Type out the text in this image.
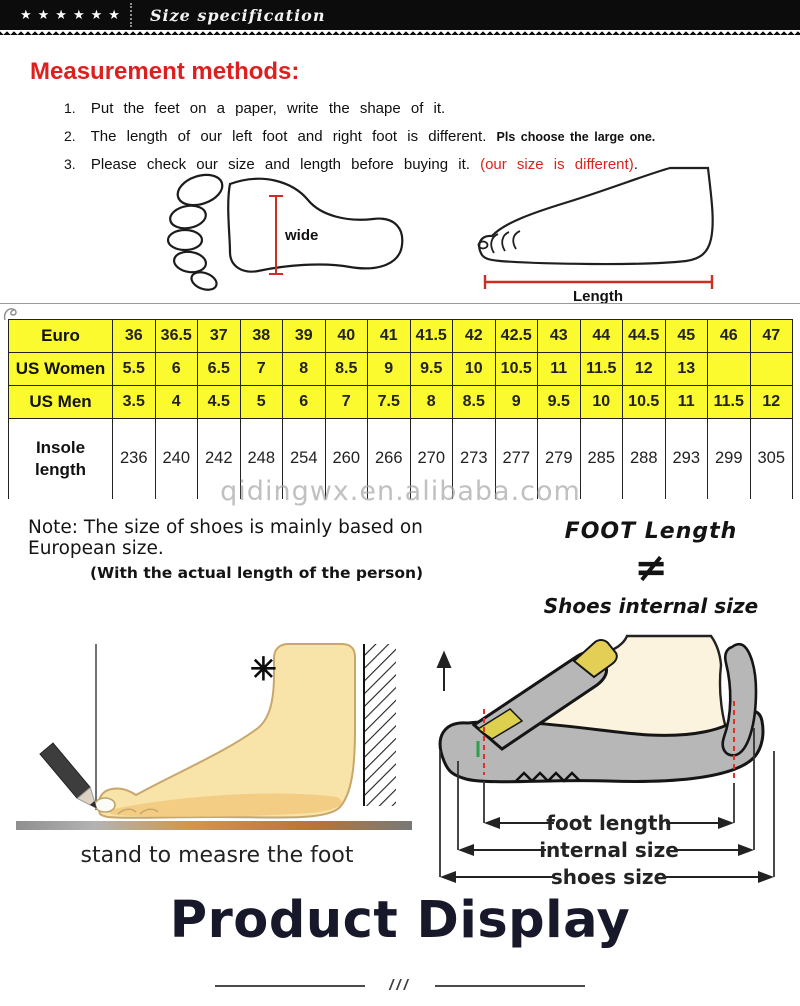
★★★★★★ Size specification
Measurement methods:
1. Put the feet on a paper, write the shape of it.
2. The length of our left foot and right foot is different. Pls choose the large one.
3. Please check our size and length before buying it. (our size is different).
wide
Length
Euro	36	36.5	37	38	39	40	41	41.5	42	42.5	43	44	44.5	45	46	47
US Women	5.5	6	6.5	7	8	8.5	9	9.5	10	10.5	11	11.5	12	13		
US Men	3.5	4	4.5	5	6	7	7.5	8	8.5	9	9.5	10	10.5	11	11.5	12
Insole length	236	240	242	248	254	260	266	270	273	277	279	285	288	293	299	305
qidingwx.en.alibaba.com
Note: The size of shoes is mainly based on European size.
(With the actual length of the person)
FOOT Length
≠
Shoes internal size
✳
stand to measre the foot
foot length
internal size
shoes size
Product Display
///
